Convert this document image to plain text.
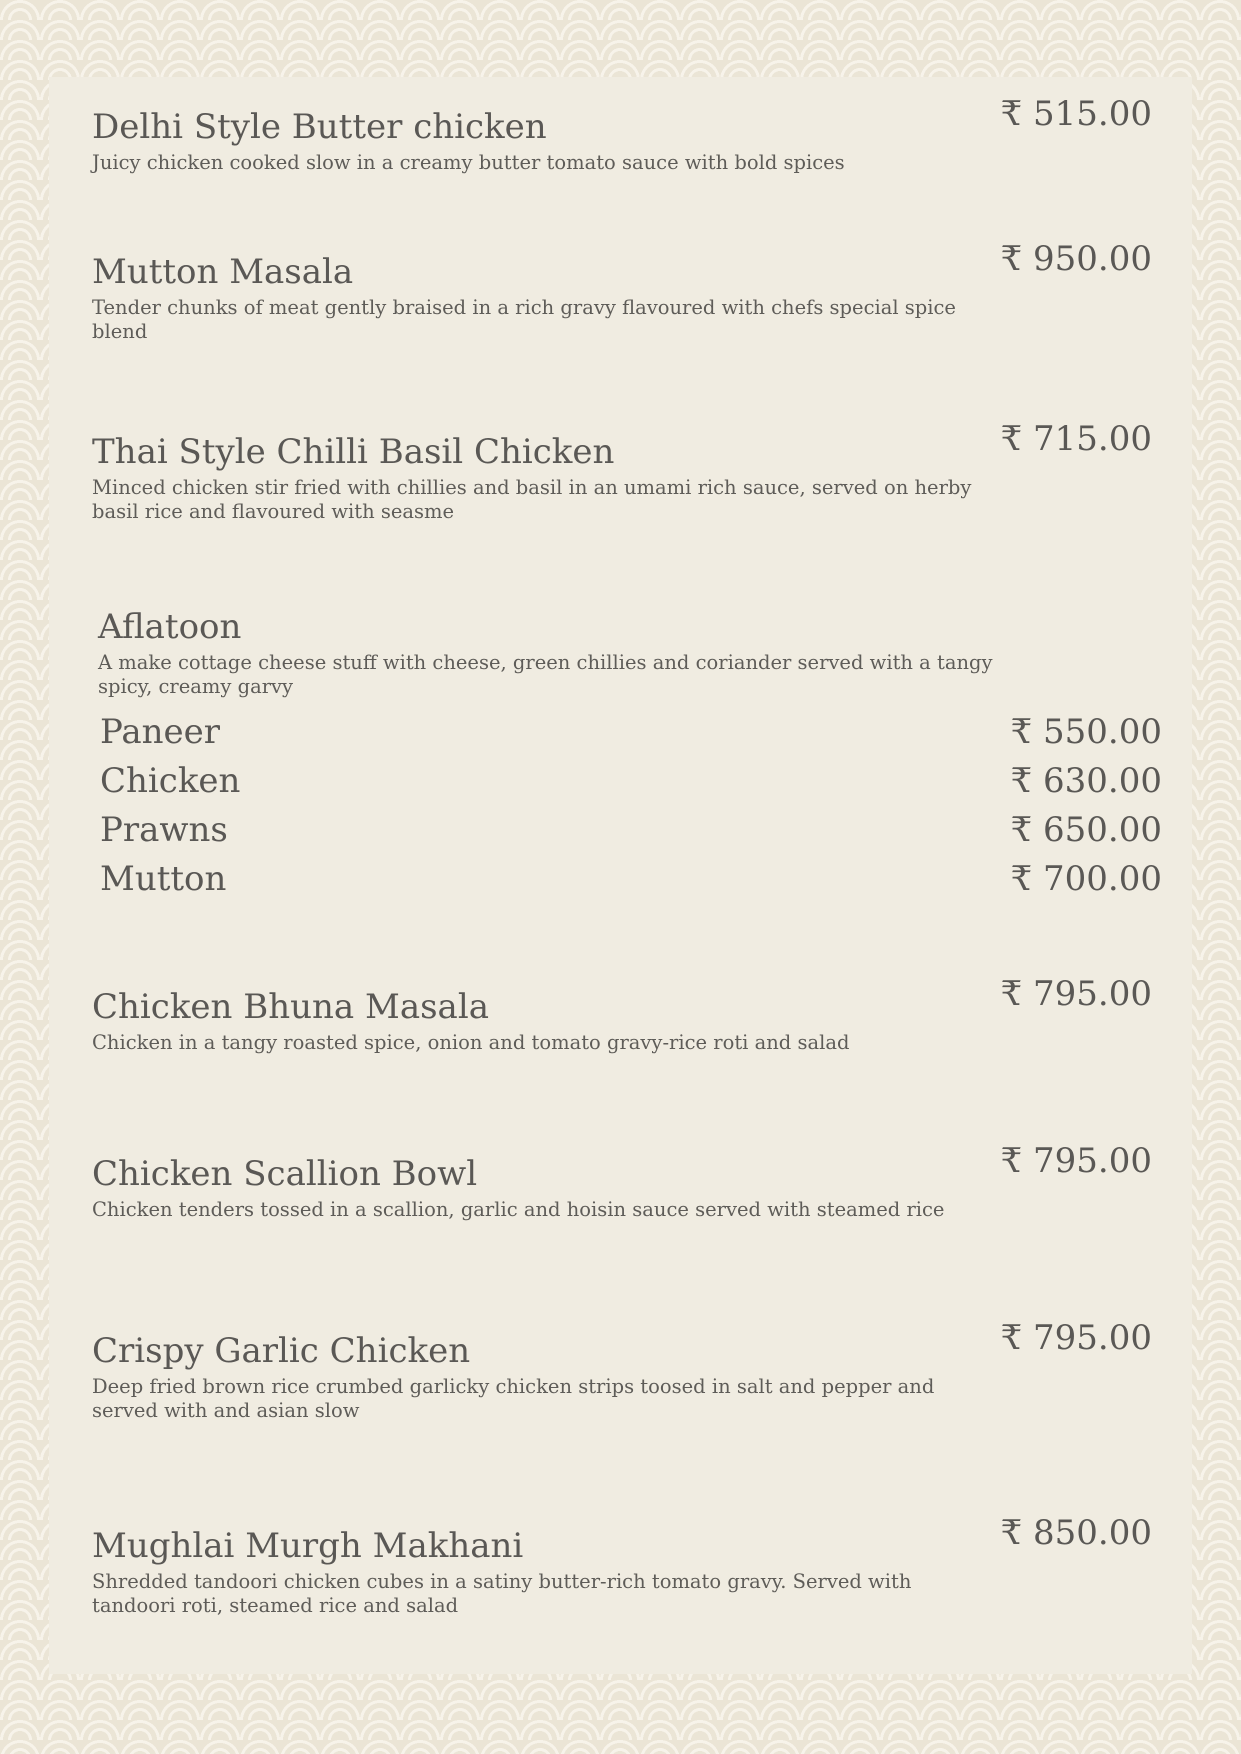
Delhi Style Butter chicken
Juicy chicken cooked slow in a creamy butter tomato sauce with bold spices
₹ 515.00
Mutton Masala
Tender chunks of meat gently braised in a rich gravy flavoured with chefs special spice blend
₹ 950.00
Thai Style Chilli Basil Chicken
Minced chicken stir fried with chillies and basil in an umami rich sauce, served on herby basil rice and flavoured with seasme
₹ 715.00
Aflatoon
A make cottage cheese stuff with cheese, green chillies and coriander served with a tangy spicy, creamy garvy
Paneer	₹ 550.00
Chicken	₹ 630.00
Prawns	₹ 650.00
Mutton	₹ 700.00
Chicken Bhuna Masala
Chicken in a tangy roasted spice, onion and tomato gravy-rice roti and salad
₹ 795.00
Chicken Scallion Bowl
Chicken tenders tossed in a scallion, garlic and hoisin sauce served with steamed rice
₹ 795.00
Crispy Garlic Chicken
Deep fried brown rice crumbed garlicky chicken strips toosed in salt and pepper and served with and asian slow
₹ 795.00
Mughlai Murgh Makhani
Shredded tandoori chicken cubes in a satiny butter-rich tomato gravy. Served with tandoori roti, steamed rice and salad
₹ 850.00
